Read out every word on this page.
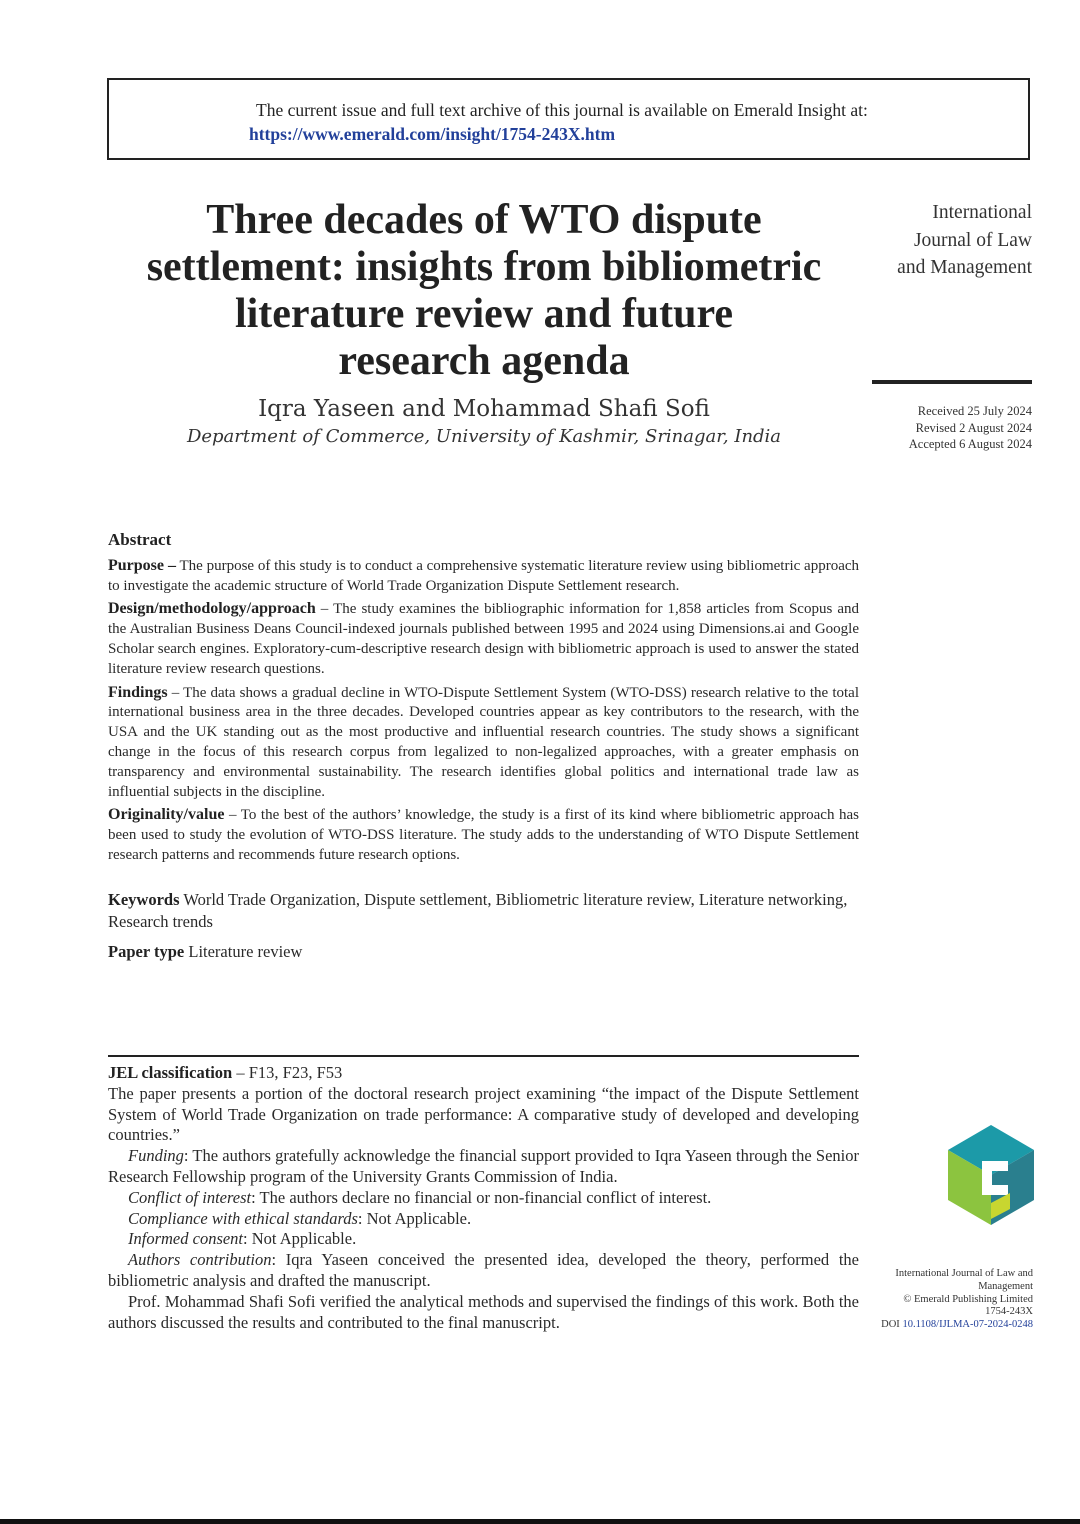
The current issue and full text archive of this journal is available on Emerald Insight at:
https://www.emerald.com/insight/1754-243X.htm
Three decades of WTO dispute
settlement: insights from bibliometric
literature review and future
research agenda
Iqra Yaseen and Mohammad Shafi Sofi
Department of Commerce, University of Kashmir, Srinagar, India
International
Journal of Law
and Management
Received 25 July 2024
Revised 2 August 2024
Accepted 6 August 2024
Abstract

Purpose – The purpose of this study is to conduct a comprehensive systematic literature review using bibliometric approach to investigate the academic structure of World Trade Organization Dispute Settlement research.

Design/methodology/approach – The study examines the bibliographic information for 1,858 articles from Scopus and the Australian Business Deans Council-indexed journals published between 1995 and 2024 using Dimensions.ai and Google Scholar search engines. Exploratory-cum-descriptive research design with bibliometric approach is used to answer the stated literature review research questions.

Findings – The data shows a gradual decline in WTO-Dispute Settlement System (WTO-DSS) research relative to the total international business area in the three decades. Developed countries appear as key contributors to the research, with the USA and the UK standing out as the most productive and influential research countries. The study shows a significant change in the focus of this research corpus from legalized to non-legalized approaches, with a greater emphasis on transparency and environmental sustainability. The research identifies global politics and international trade law as influential subjects in the discipline.

Originality/value – To the best of the authors’ knowledge, the study is a first of its kind where bibliometric approach has been used to study the evolution of WTO-DSS literature. The study adds to the understanding of WTO Dispute Settlement research patterns and recommends future research options.

Keywords World Trade Organization, Dispute settlement, Bibliometric literature review, Literature networking, Research trends
Paper type Literature review

JEL classification – F13, F23, F53

The paper presents a portion of the doctoral research project examining “the impact of the Dispute Settlement System of World Trade Organization on trade performance: A comparative study of developed and developing countries.”

Funding: The authors gratefully acknowledge the financial support provided to Iqra Yaseen through the Senior Research Fellowship program of the University Grants Commission of India.

Conflict of interest: The authors declare no financial or non-financial conflict of interest.

Compliance with ethical standards: Not Applicable.

Informed consent: Not Applicable.

Authors contribution: Iqra Yaseen conceived the presented idea, developed the theory, performed the bibliometric analysis and drafted the manuscript.

Prof. Mohammad Shafi Sofi verified the analytical methods and supervised the findings of this work. Both the authors discussed the results and contributed to the final manuscript.

International Journal of Law and
Management
© Emerald Publishing Limited
1754-243X
DOI 10.1108/IJLMA-07-2024-0248
